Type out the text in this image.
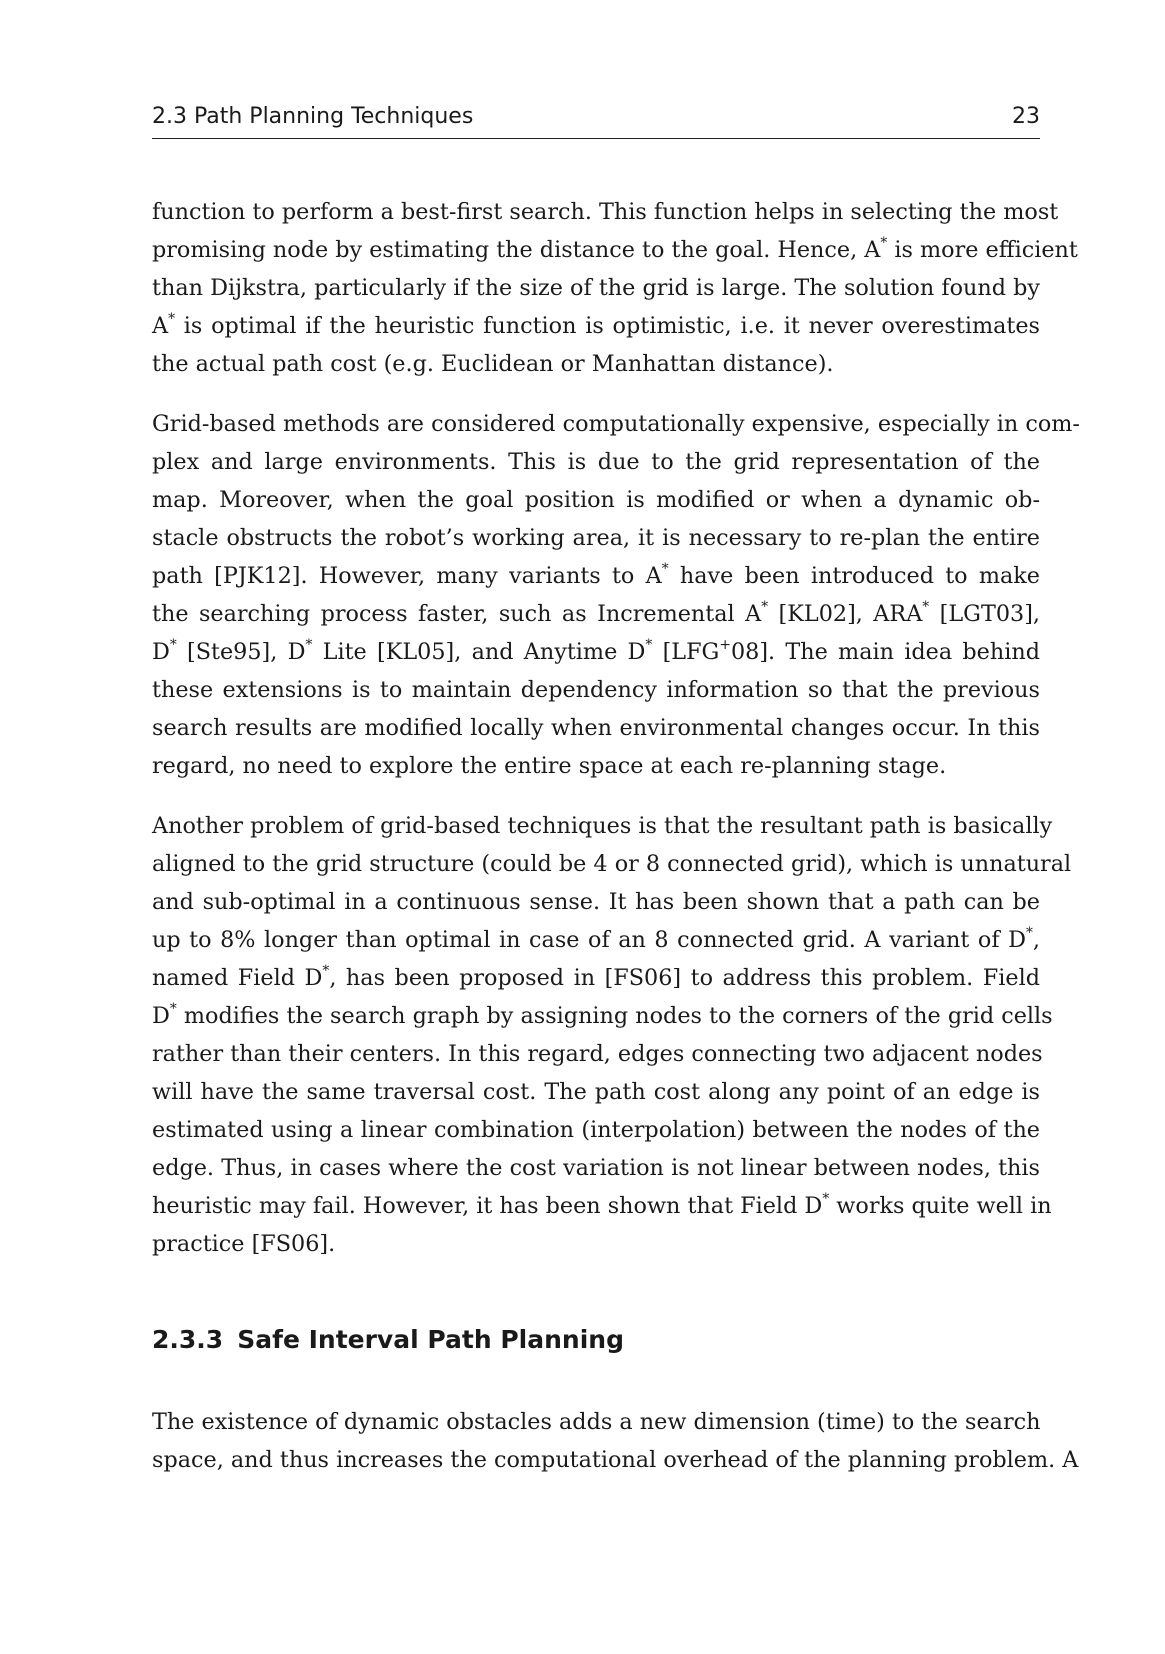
2.3 Path Planning Techniques	23
function to perform a best-first search. This function helps in selecting the most
promising node by estimating the distance to the goal. Hence, A* is more efficient
than Dijkstra, particularly if the size of the grid is large. The solution found by
A* is optimal if the heuristic function is optimistic, i.e. it never overestimates
the actual path cost (e.g. Euclidean or Manhattan distance).
Grid-based methods are considered computationally expensive, especially in com-
plex and large environments. This is due to the grid representation of the
map. Moreover, when the goal position is modified or when a dynamic ob-
stacle obstructs the robot’s working area, it is necessary to re-plan the entire
path [PJK12]. However, many variants to A* have been introduced to make
the searching process faster, such as Incremental A* [KL02], ARA* [LGT03],
D* [Ste95], D* Lite [KL05], and Anytime D* [LFG+08]. The main idea behind
these extensions is to maintain dependency information so that the previous
search results are modified locally when environmental changes occur. In this
regard, no need to explore the entire space at each re-planning stage.
Another problem of grid-based techniques is that the resultant path is basically
aligned to the grid structure (could be 4 or 8 connected grid), which is unnatural
and sub-optimal in a continuous sense. It has been shown that a path can be
up to 8% longer than optimal in case of an 8 connected grid. A variant of D*,
named Field D*, has been proposed in [FS06] to address this problem. Field
D* modifies the search graph by assigning nodes to the corners of the grid cells
rather than their centers. In this regard, edges connecting two adjacent nodes
will have the same traversal cost. The path cost along any point of an edge is
estimated using a linear combination (interpolation) between the nodes of the
edge. Thus, in cases where the cost variation is not linear between nodes, this
heuristic may fail. However, it has been shown that Field D* works quite well in
practice [FS06].
2.3.3 Safe Interval Path Planning
The existence of dynamic obstacles adds a new dimension (time) to the search
space, and thus increases the computational overhead of the planning problem. A
